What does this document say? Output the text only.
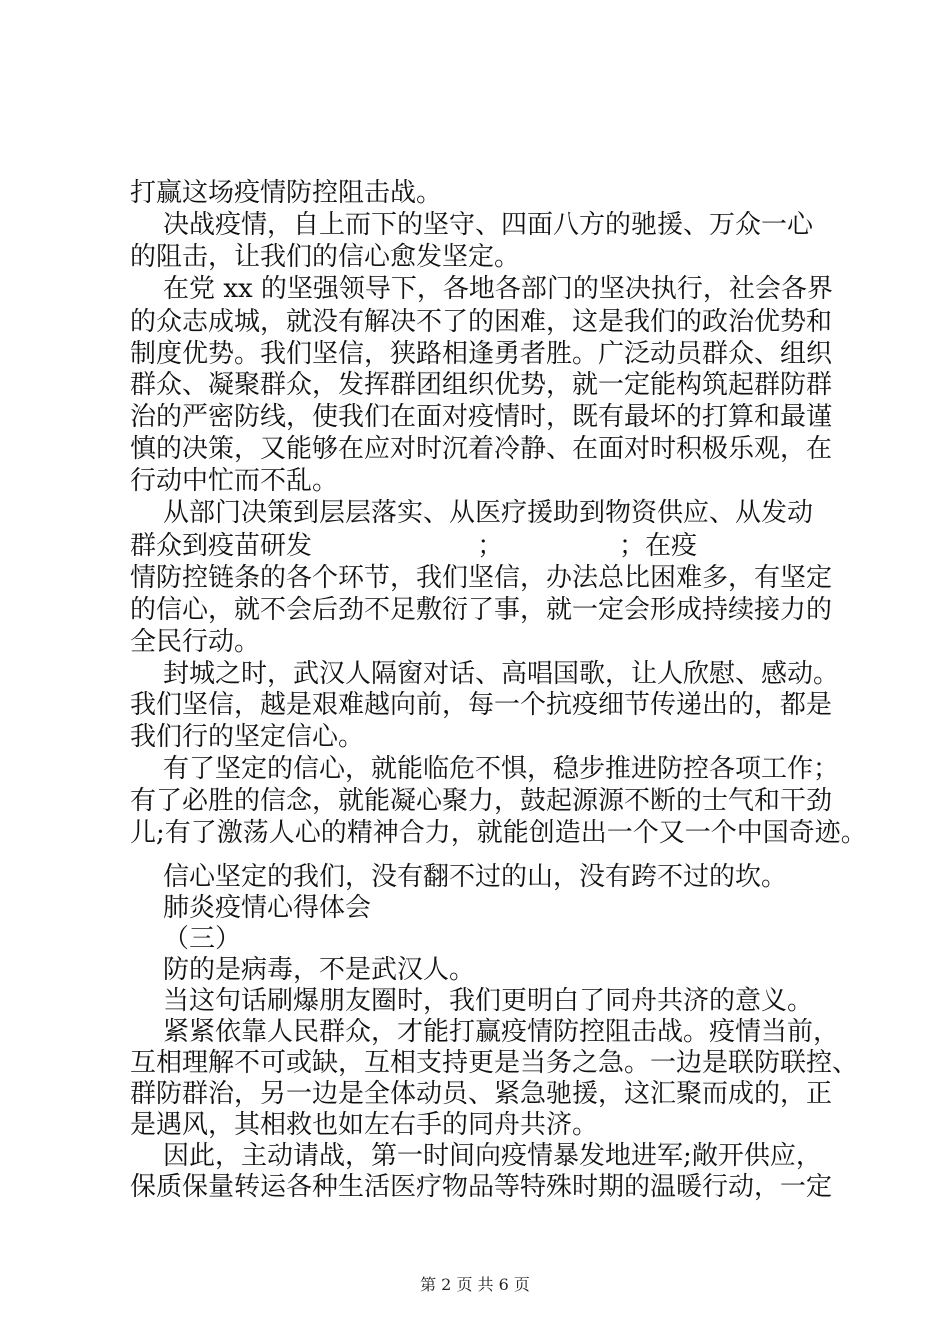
打赢这场疫情防控阻击战。
决战疫情，自上而下的坚守、四面八方的驰援、万众一心
的阻击，让我们的信心愈发坚定。
在党 xx 的坚强领导下，各地各部门的坚决执行，社会各界
的众志成城，就没有解决不了的困难，这是我们的政治优势和
制度优势。我们坚信，狭路相逢勇者胜。广泛动员群众、组织
群众、凝聚群众，发挥群团组织优势，就一定能构筑起群防群
治的严密防线，使我们在面对疫情时，既有最坏的打算和最谨
慎的决策，又能够在应对时沉着冷静、在面对时积极乐观，在
行动中忙而不乱。
从部门决策到层层落实、从医疗援助到物资供应、从发动
群众到疫苗研发                    ；              ；在疫
情防控链条的各个环节，我们坚信，办法总比困难多，有坚定
的信心，就不会后劲不足敷衍了事，就一定会形成持续接力的
全民行动。
封城之时，武汉人隔窗对话、高唱国歌，让人欣慰、感动。
我们坚信，越是艰难越向前，每一个抗疫细节传递出的，都是
我们行的坚定信心。
有了坚定的信心，就能临危不惧，稳步推进防控各项工作；
有了必胜的信念，就能凝心聚力，鼓起源源不断的士气和干劲
儿;有了激荡人心的精神合力，就能创造出一个又一个中国奇迹。
信心坚定的我们，没有翻不过的山，没有跨不过的坎。
肺炎疫情心得体会
（三）
防的是病毒，不是武汉人。
当这句话刷爆朋友圈时，我们更明白了同舟共济的意义。
紧紧依靠人民群众，才能打赢疫情防控阻击战。疫情当前，
互相理解不可或缺，互相支持更是当务之急。一边是联防联控、
群防群治，另一边是全体动员、紧急驰援，这汇聚而成的，正
是遇风，其相救也如左右手的同舟共济。
因此，主动请战，第一时间向疫情暴发地进军;敞开供应，
保质保量转运各种生活医疗物品等特殊时期的温暖行动，一定
第 2 页 共 6 页
